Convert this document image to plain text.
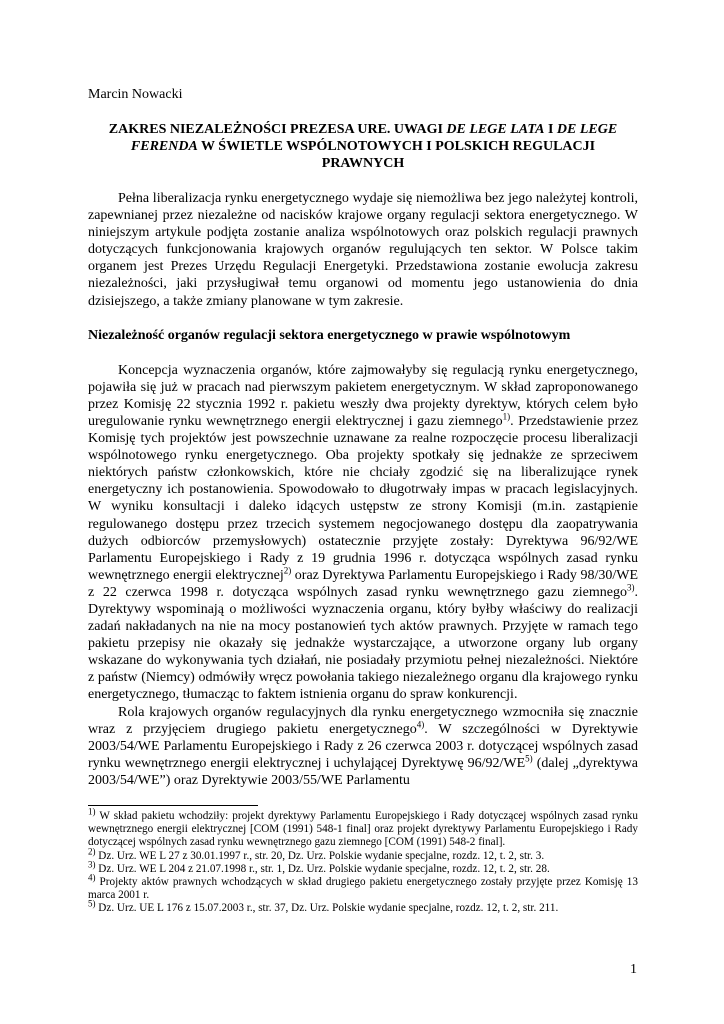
Marcin Nowacki

ZAKRES NIEZALEŻNOŚCI PREZESA URE. UWAGI DE LEGE LATA I DE LEGE FERENDA W ŚWIETLE WSPÓLNOTOWYCH I POLSKICH REGULACJI PRAWNYCH

Pełna liberalizacja rynku energetycznego wydaje się niemożliwa bez jego należytej kontroli, zapewnianej przez niezależne od nacisków krajowe organy regulacji sektora energetycznego. W niniejszym artykule podjęta zostanie analiza wspólnotowych oraz polskich regulacji prawnych dotyczących funkcjonowania krajowych organów regulujących ten sektor. W Polsce takim organem jest Prezes Urzędu Regulacji Energetyki. Przedstawiona zostanie ewolucja zakresu niezależności, jaki przysługiwał temu organowi od momentu jego ustanowienia do dnia dzisiejszego, a także zmiany planowane w tym zakresie.

Niezależność organów regulacji sektora energetycznego w prawie wspólnotowym

Koncepcja wyznaczenia organów, które zajmowałyby się regulacją rynku energetycznego, pojawiła się już w pracach nad pierwszym pakietem energetycznym. W skład zaproponowanego przez Komisję 22 stycznia 1992 r. pakietu weszły dwa projekty dyrektyw, których celem było uregulowanie rynku wewnętrznego energii elektrycznej i gazu ziemnego$^{1)}$. Przedstawienie przez Komisję tych projektów jest powszechnie uznawane za realne rozpoczęcie procesu liberalizacji wspólnotowego rynku energetycznego. Oba projekty spotkały się jednakże ze sprzeciwem niektórych państw członkowskich, które nie chciały zgodzić się na liberalizujące rynek energetyczny ich postanowienia. Spowodowało to długotrwały impas w pracach legislacyjnych. W wyniku konsultacji i daleko idących ustępstw ze strony Komisji (m.in. zastąpienie regulowanego dostępu przez trzecich systemem negocjowanego dostępu dla zaopatrywania dużych odbiorców przemysłowych) ostatecznie przyjęte zostały: Dyrektywa 96/92/WE Parlamentu Europejskiego i Rady z 19 grudnia 1996 r. dotycząca wspólnych zasad rynku wewnętrznego energii elektrycznej$^{2)}$ oraz Dyrektywa Parlamentu Europejskiego i Rady 98/30/WE z 22 czerwca 1998 r. dotycząca wspólnych zasad rynku wewnętrznego gazu ziemnego$^{3)}$. Dyrektywy wspominają o możliwości wyznaczenia organu, który byłby właściwy do realizacji zadań nakładanych na nie na mocy postanowień tych aktów prawnych. Przyjęte w ramach tego pakietu przepisy nie okazały się jednakże wystarczające, a utworzone organy lub organy wskazane do wykonywania tych działań, nie posiadały przymiotu pełnej niezależności. Niektóre z państw (Niemcy) odmówiły wręcz powołania takiego niezależnego organu dla krajowego rynku energetycznego, tłumacząc to faktem istnienia organu do spraw konkurencji.

Rola krajowych organów regulacyjnych dla rynku energetycznego wzmocniła się znacznie wraz z przyjęciem drugiego pakietu energetycznego$^{4)}$. W szczególności w Dyrektywie 2003/54/WE Parlamentu Europejskiego i Rady z 26 czerwca 2003 r. dotyczącej wspólnych zasad rynku wewnętrznego energii elektrycznej i uchylającej Dyrektywę 96/92/WE$^{5)}$ (dalej „dyrektywa 2003/54/WE”) oraz Dyrektywie 2003/55/WE Parlamentu

$^{1)}$ W skład pakietu wchodziły: projekt dyrektywy Parlamentu Europejskiego i Rady dotyczącej wspólnych zasad rynku wewnętrznego energii elektrycznej [COM (1991) 548-1 final] oraz projekt dyrektywy Parlamentu Europejskiego i Rady dotyczącej wspólnych zasad rynku wewnętrznego gazu ziemnego [COM (1991) 548-2 final].

$^{2)}$ Dz. Urz. WE L 27 z 30.01.1997 r., str. 20, Dz. Urz. Polskie wydanie specjalne, rozdz. 12, t. 2, str. 3.

$^{3)}$ Dz. Urz. WE L 204 z 21.07.1998 r., str. 1, Dz. Urz. Polskie wydanie specjalne, rozdz. 12, t. 2, str. 28.

$^{4)}$ Projekty aktów prawnych wchodzących w skład drugiego pakietu energetycznego zostały przyjęte przez Komisję 13 marca 2001 r.

$^{5)}$ Dz. Urz. UE L 176 z 15.07.2003 r., str. 37, Dz. Urz. Polskie wydanie specjalne, rozdz. 12, t. 2, str. 211.

1
